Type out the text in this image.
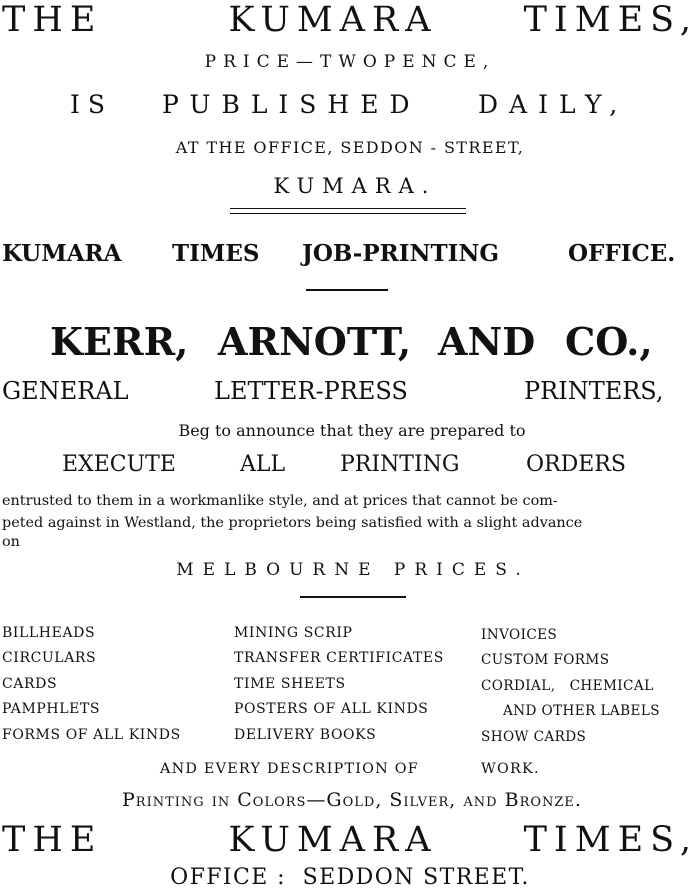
THE	KUMARA TIMES,
PRICE—TWOPENCE,
IS PUBLISHED DAILY,
AT THE OFFICE, SEDDON - STREET,
KUMARA.
KUMARA TIMES JOB-PRINTING	OFFICE.
KERR, ARNOTT, AND CO.,
GENERAL	LETTER-PRESS	PRINTERS,
Beg to announce that they are prepared to
EXECUTE	ALL PRINTING	ORDERS
entrusted to them in a workmanlike style, and at prices that cannot be com-
peted against in Westland, the proprietors being satisfied with a slight advance
on
MELBOURNE PRICES.
BILLHEADS
CIRCULARS
CARDS
PAMPHLETS
FORMS OF ALL KINDS
MINING SCRIP
TRANSFER CERTIFICATES
TIME SHEETS
POSTERS OF ALL KINDS
DELIVERY BOOKS
INVOICES
CUSTOM FORMS
CORDIAL,   CHEMICAL
AND OTHER LABELS
SHOW CARDS
AND EVERY DESCRIPTION OF	WORK.
Printing in Colors—Gold, Silver, and Bronze.
THE	KUMARA TIMES,
OFFICE :  SEDDON STREET.
